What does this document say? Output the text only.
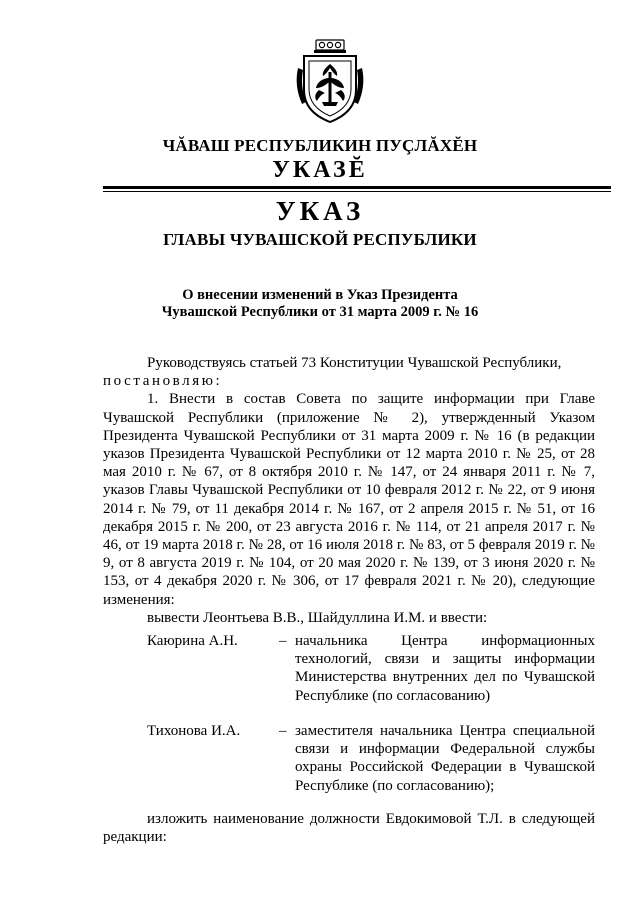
ЧĂВАШ РЕСПУБЛИКИН ПУÇЛĂХĔН
УКАЗĔ
УКАЗ
ГЛАВЫ ЧУВАШСКОЙ РЕСПУБЛИКИ
О внесении изменений в Указ Президента
Чувашской Республики от 31 марта 2009 г. № 16
Руководствуясь статьей 73 Конституции Чувашской Республики,
постановляю:
1. Внести в состав Совета по защите информации при Главе Чувашской Республики (приложение № 2), утвержденный Указом Президента Чувашской Республики от 31 марта 2009 г. № 16 (в редакции указов Президента Чувашской Республики от 12 марта 2010 г. № 25, от 28 мая 2010 г. № 67, от 8 октября 2010 г. № 147, от 24 января 2011 г. № 7, указов Главы Чувашской Республики от 10 февраля 2012 г. № 22, от 9 июня 2014 г. № 79, от 11 декабря 2014 г. № 167, от 2 апреля 2015 г. № 51, от 16 декабря 2015 г. № 200, от 23 августа 2016 г. № 114, от 21 апреля 2017 г. № 46, от 19 марта 2018 г. № 28, от 16 июля 2018 г. № 83, от 5 февраля 2019 г. № 9, от 8 августа 2019 г. № 104, от 20 мая 2020 г. № 139, от 3 июня 2020 г. № 153, от 4 декабря 2020 г. № 306, от 17 февраля 2021 г. № 20), следующие изменения:
вывести Леонтьева В.В., Шайдуллина И.М. и ввести:
Каюрина А.Н.	– начальника Центра информационных технологий, связи и защиты информации Министерства внутренних дел по Чувашской Республике (по согласованию)
Тихонова И.А.	– заместителя начальника Центра специальной связи и информации Федеральной службы охраны Российской Федерации в Чувашской Республике (по согласованию);
изложить наименование должности Евдокимовой Т.Л. в следующей редакции:
